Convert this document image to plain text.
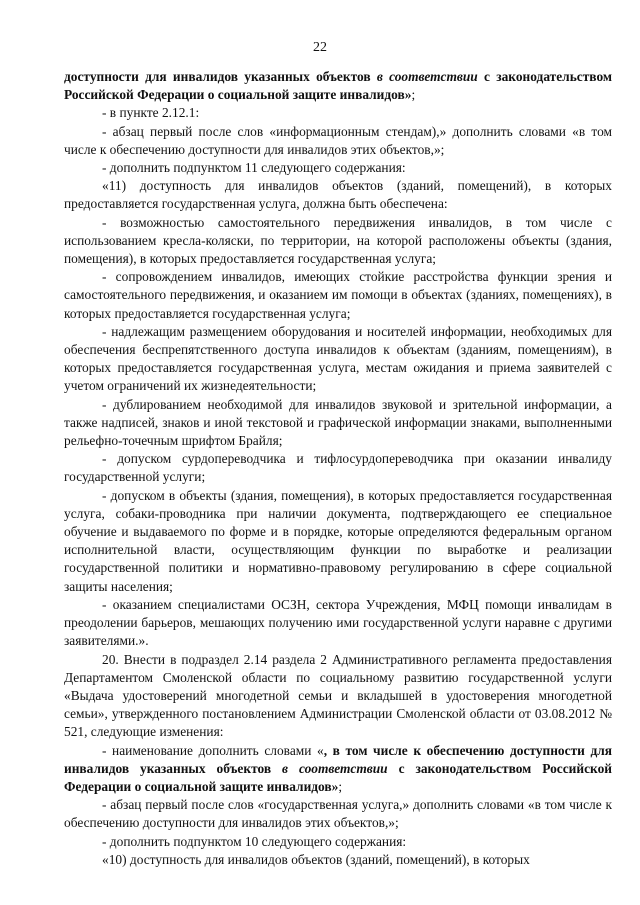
22

доступности для инвалидов указанных объектов в соответствии с законодательством Российской Федерации о социальной защите инвалидов»;

- в пункте 2.12.1:

- абзац первый после слов «информационным стендам),» дополнить словами «в том числе к обеспечению доступности для инвалидов этих объектов,»;

- дополнить подпунктом 11 следующего содержания:

«11) доступность для инвалидов объектов (зданий, помещений), в которых предоставляется государственная услуга, должна быть обеспечена:

- возможностью самостоятельного передвижения инвалидов, в том числе с использованием кресла-коляски, по территории, на которой расположены объекты (здания, помещения), в которых предоставляется государственная услуга;

- сопровождением инвалидов, имеющих стойкие расстройства функции зрения и самостоятельного передвижения, и оказанием им помощи в объектах (зданиях, помещениях), в которых предоставляется государственная услуга;

- надлежащим размещением оборудования и носителей информации, необходимых для обеспечения беспрепятственного доступа инвалидов к объектам (зданиям, помещениям), в которых предоставляется государственная услуга, местам ожидания и приема заявителей с учетом ограничений их жизнедеятельности;

- дублированием необходимой для инвалидов звуковой и зрительной информации, а также надписей, знаков и иной текстовой и графической информации знаками, выполненными рельефно-точечным шрифтом Брайля;

- допуском сурдопереводчика и тифлосурдопереводчика при оказании инвалиду государственной услуги;

- допуском в объекты (здания, помещения), в которых предоставляется государственная услуга, собаки-проводника при наличии документа, подтверждающего ее специальное обучение и выдаваемого по форме и в порядке, которые определяются федеральным органом исполнительной власти, осуществляющим функции по выработке и реализации государственной политики и нормативно-правовому регулированию в сфере социальной защиты населения;

- оказанием специалистами ОСЗН, сектора Учреждения, МФЦ помощи инвалидам в преодолении барьеров, мешающих получению ими государственной услуги наравне с другими заявителями.».

20. Внести в подраздел 2.14 раздела 2 Административного регламента предоставления Департаментом Смоленской области по социальному развитию государственной услуги «Выдача удостоверений многодетной семьи и вкладышей в удостоверения многодетной семьи», утвержденного постановлением Администрации Смоленской области от 03.08.2012 № 521, следующие изменения:

- наименование дополнить словами «, в том числе к обеспечению доступности для инвалидов указанных объектов в соответствии с законодательством Российской Федерации о социальной защите инвалидов»;

- абзац первый после слов «государственная услуга,» дополнить словами «в том числе к обеспечению доступности для инвалидов этих объектов,»;

- дополнить подпунктом 10 следующего содержания:

«10) доступность для инвалидов объектов (зданий, помещений), в которых
